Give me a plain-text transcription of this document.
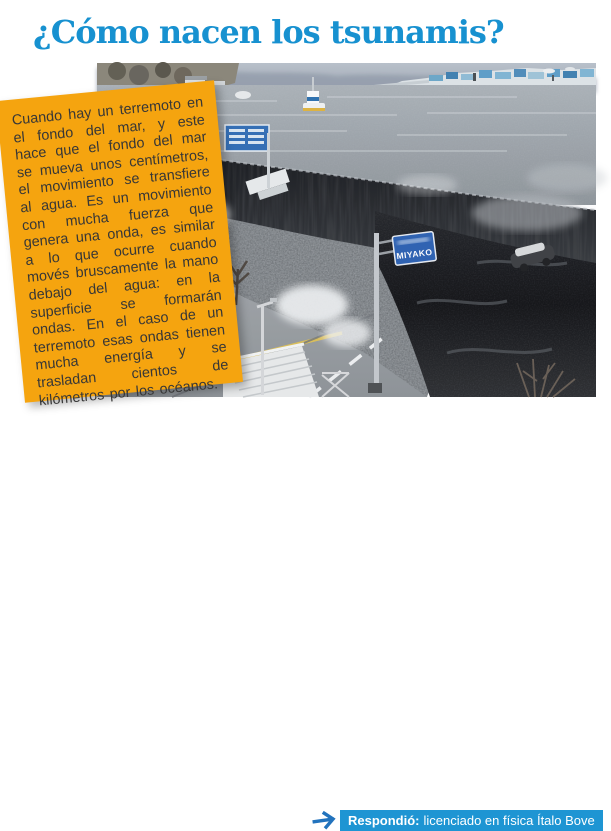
¿Cómo nacen los tsunamis?
MIYAKO

Cuando hay un terremoto en el fondo del mar, y este hace que el fondo del mar se mueva unos centímetros, el movimiento se transfiere al agua. Es un movimiento con mucha fuerza que genera una onda, es similar a lo que ocurre cuando movés bruscamente la mano debajo del agua: en la superficie se formarán ondas. En el caso de un terremoto esas ondas tienen mucha energía y se trasladan cientos de kilómetros por los océanos.

Respondió: licenciado en física Ítalo Bove
